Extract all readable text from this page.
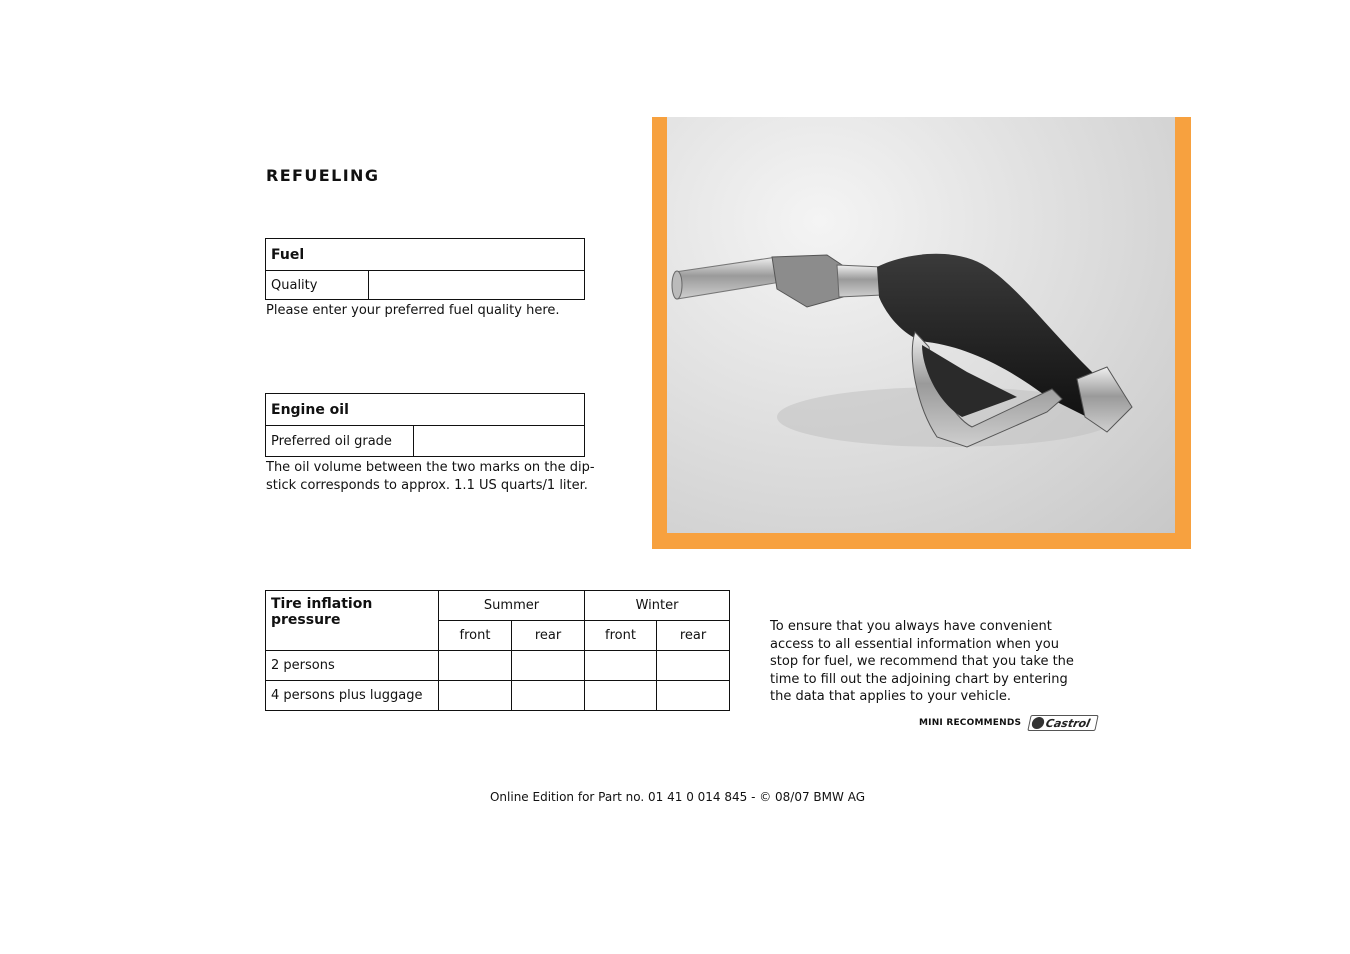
REFUELING
Fuel
Quality	
Please enter your preferred fuel quality here.
Engine oil
Preferred oil grade	
The oil volume between the two marks on the dip-stick corresponds to approx. 1.1 US quarts/1 liter.
Tire inflation pressure	Summer		Winter	
	front	rear	front	rear
2 persons				
4 persons plus luggage				
To ensure that you always have convenient access to all essential information when you stop for fuel, we recommend that you take the time to fill out the adjoining chart by entering the data that applies to your vehicle.
MINI RECOMMENDS Castrol
Online Edition for Part no. 01 41 0 014 845 - © 08/07 BMW AG
